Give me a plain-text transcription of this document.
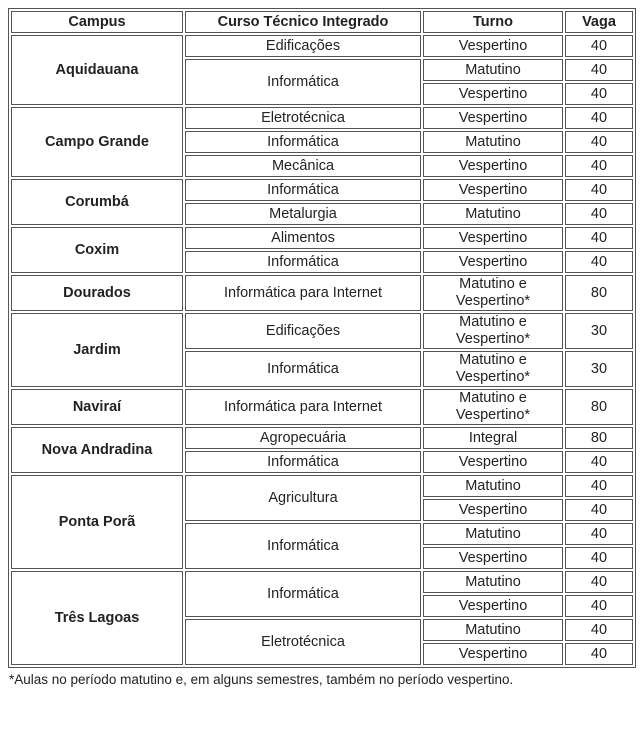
Campus	Curso Técnico Integrado	Turno	Vaga
Aquidauana	Edificações	Vespertino	40
	Informática	Matutino	40
		Vespertino	40
Campo Grande	Eletrotécnica	Vespertino	40
	Informática	Matutino	40
	Mecânica	Vespertino	40
Corumbá	Informática	Vespertino	40
	Metalurgia	Matutino	40
Coxim	Alimentos	Vespertino	40
	Informática	Vespertino	40
Dourados	Informática para Internet	Matutino e Vespertino*	80
Jardim	Edificações	Matutino e Vespertino*	30
	Informática	Matutino e Vespertino*	30
Naviraí	Informática para Internet	Matutino e Vespertino*	80
Nova Andradina	Agropecuária	Integral	80
	Informática	Vespertino	40
Ponta Porã	Agricultura	Matutino	40
		Vespertino	40
	Informática	Matutino	40
		Vespertino	40
Três Lagoas	Informática	Matutino	40
		Vespertino	40
	Eletrotécnica	Matutino	40
		Vespertino	40
*Aulas no período matutino e, em alguns semestres, também no período vespertino.
